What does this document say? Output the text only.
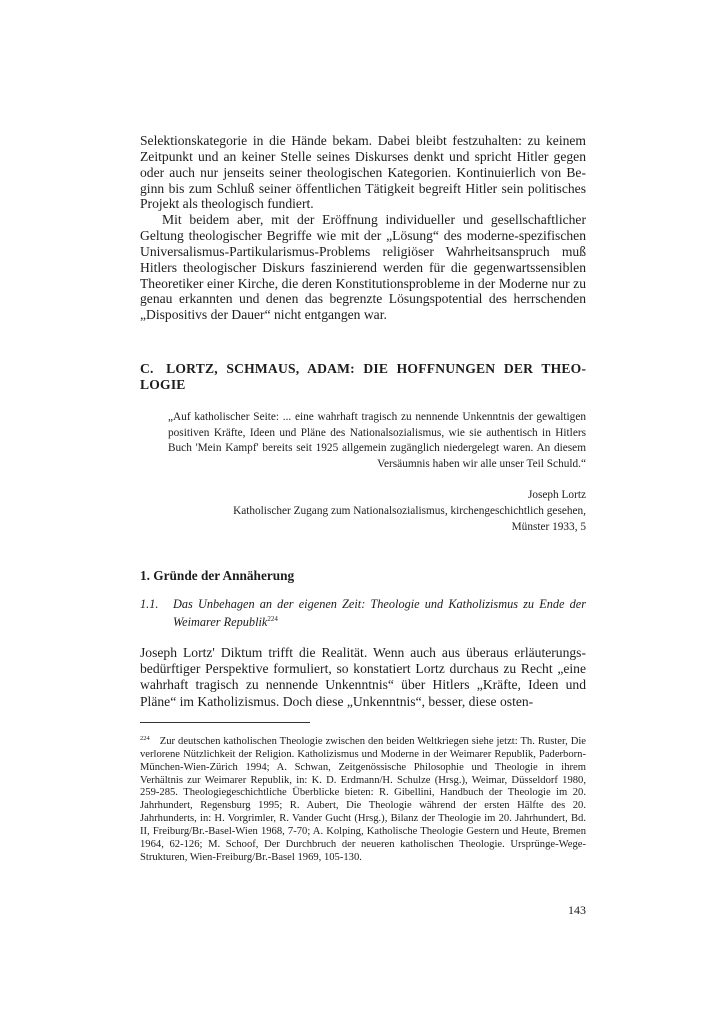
Selektionskategorie in die Hände bekam. Dabei bleibt festzuhalten: zu keinem Zeitpunkt und an keiner Stelle seines Diskurses denkt und spricht Hitler gegen oder auch nur jenseits seiner theologischen Kategorien. Kontinuierlich von Beginn bis zum Schluß seiner öffentlichen Tätigkeit begreift Hitler sein politisches Projekt als theologisch fundiert.

Mit beidem aber, mit der Eröffnung individueller und gesellschaftlicher Geltung theologischer Begriffe wie mit der „Lösung“ des moderne-spezifischen Universalismus-Partikularismus-Problems religiöser Wahrheitsanspruch muß Hitlers theologischer Diskurs faszinierend werden für die gegenwartssensiblen Theoretiker einer Kirche, die deren Konstitutionsprobleme in der Moderne nur zu genau erkannten und denen das begrenzte Lösungspotential des herrschenden „Dispositivs der Dauer“ nicht entgangen war.

C. LORTZ, SCHMAUS, ADAM: DIE HOFFNUNGEN DER THEOLOGIE
„Auf katholischer Seite: ... eine wahrhaft tragisch zu nennende Unkenntnis der gewaltigen positiven Kräfte, Ideen und Pläne des Nationalsozialismus, wie sie authentisch in Hitlers Buch 'Mein Kampf' bereits seit 1925 allgemein zugänglich niedergelegt waren. An diesem Versäumnis haben wir alle unser Teil Schuld.“
Joseph Lortz
Katholischer Zugang zum Nationalsozialismus, kirchengeschichtlich gesehen,
Münster 1933, 5
1. Gründe der Annäherung
1.1. Das Unbehagen an der eigenen Zeit: Theologie und Katholizismus zu Ende der Weimarer Republik$^{224}$

Joseph Lortz' Diktum trifft die Realität. Wenn auch aus überaus erläuterungsbedürftiger Perspektive formuliert, so konstatiert Lortz durchaus zu Recht „eine wahrhaft tragisch zu nennende Unkenntnis“ über Hitlers „Kräfte, Ideen und Pläne“ im Katholizismus. Doch diese „Unkenntnis“, besser, diese osten-

$^{224}$ Zur deutschen katholischen Theologie zwischen den beiden Weltkriegen siehe jetzt: Th. Ruster, Die verlorene Nützlichkeit der Religion. Katholizismus und Moderne in der Weimarer Republik, Paderborn-München-Wien-Zürich 1994; A. Schwan, Zeitgenössische Philosophie und Theologie in ihrem Verhältnis zur Weimarer Republik, in: K. D. Erdmann/H. Schulze (Hrsg.), Weimar, Düsseldorf 1980, 259-285. Theologiegeschichtliche Überblicke bieten: R. Gibellini, Handbuch der Theologie im 20. Jahrhundert, Regensburg 1995; R. Aubert, Die Theologie während der ersten Hälfte des 20. Jahrhunderts, in: H. Vorgrimler, R. Vander Gucht (Hrsg.), Bilanz der Theologie im 20. Jahrhundert, Bd. II, Freiburg/Br.-Basel-Wien 1968, 7-70; A. Kolping, Katholische Theologie Gestern und Heute, Bremen 1964, 62-126; M. Schoof, Der Durchbruch der neueren katholischen Theologie. Ursprünge-Wege-Strukturen, Wien-Freiburg/Br.-Basel 1969, 105-130.

143
